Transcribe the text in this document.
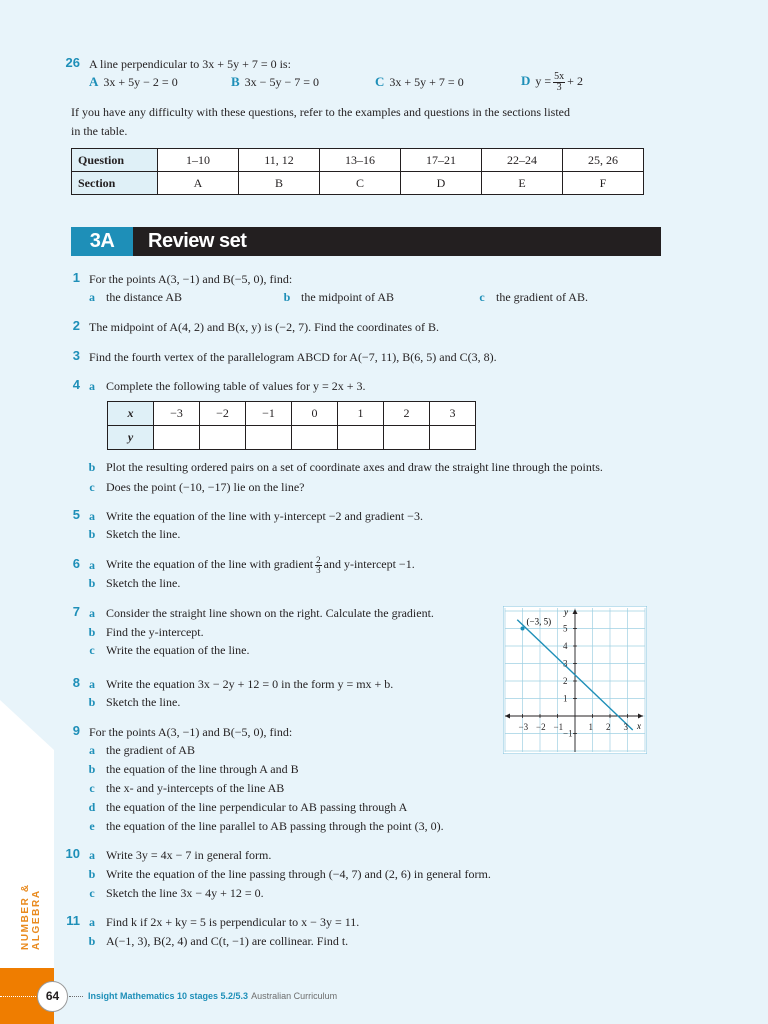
NUMBER & ALGEBRA
64	Insight Mathematics 10 stages 5.2/5.3 Australian Curriculum
26 A line perpendicular to 3x + 5y + 7 = 0 is:
A 3x + 5y − 2 = 0	B 3x − 5y − 7 = 0	C 3x + 5y + 7 = 0	D $y = \frac{5x}{3} + 2$
If you have any difficulty with these questions, refer to the examples and questions in the sections listed
in the table.
Question	1–10	11, 12	13–16	17–21	22–24	25, 26
Section	A	B	C	D	E	F
3A	Review set
1 For the points A(3, −1) and B(−5, 0), find:
a the distance AB	b the midpoint of AB	c the gradient of AB.
2 The midpoint of A(4, 2) and B(x, y) is (−2, 7). Find the coordinates of B.
3 Find the fourth vertex of the parallelogram ABCD for A(−7, 11), B(6, 5) and C(3, 8).
4 a Complete the following table of values for y = 2x + 3.
x	−3	−2	−1	0	1	2	3
y							
b Plot the resulting ordered pairs on a set of coordinate axes and draw the straight line through the points.
c Does the point (−10, −17) lie on the line?
5 a Write the equation of the line with y-intercept −2 and gradient −3.
b Sketch the line.
6 a Write the equation of the line with gradient $\frac{2}{3}$ and y-intercept −1.
b Sketch the line.
7 a Consider the straight line shown on the right. Calculate the gradient.
b Find the y-intercept.
c Write the equation of the line.
(−3, 5)
y
x
−3 −2 −1	1 2 3
5
4
3
2
1
−1
8 a Write the equation 3x − 2y + 12 = 0 in the form y = mx + b.
b Sketch the line.
9 For the points A(3, −1) and B(−5, 0), find:
a the gradient of AB
b the equation of the line through A and B
c the x- and y-intercepts of the line AB
d the equation of the line perpendicular to AB passing through A
e the equation of the line parallel to AB passing through the point (3, 0).
10 a Write 3y = 4x − 7 in general form.
b Write the equation of the line passing through (−4, 7) and (2, 6) in general form.
c Sketch the line 3x − 4y + 12 = 0.
11 a Find k if 2x + ky = 5 is perpendicular to x − 3y = 11.
b A(−1, 3), B(2, 4) and C(t, −1) are collinear. Find t.
